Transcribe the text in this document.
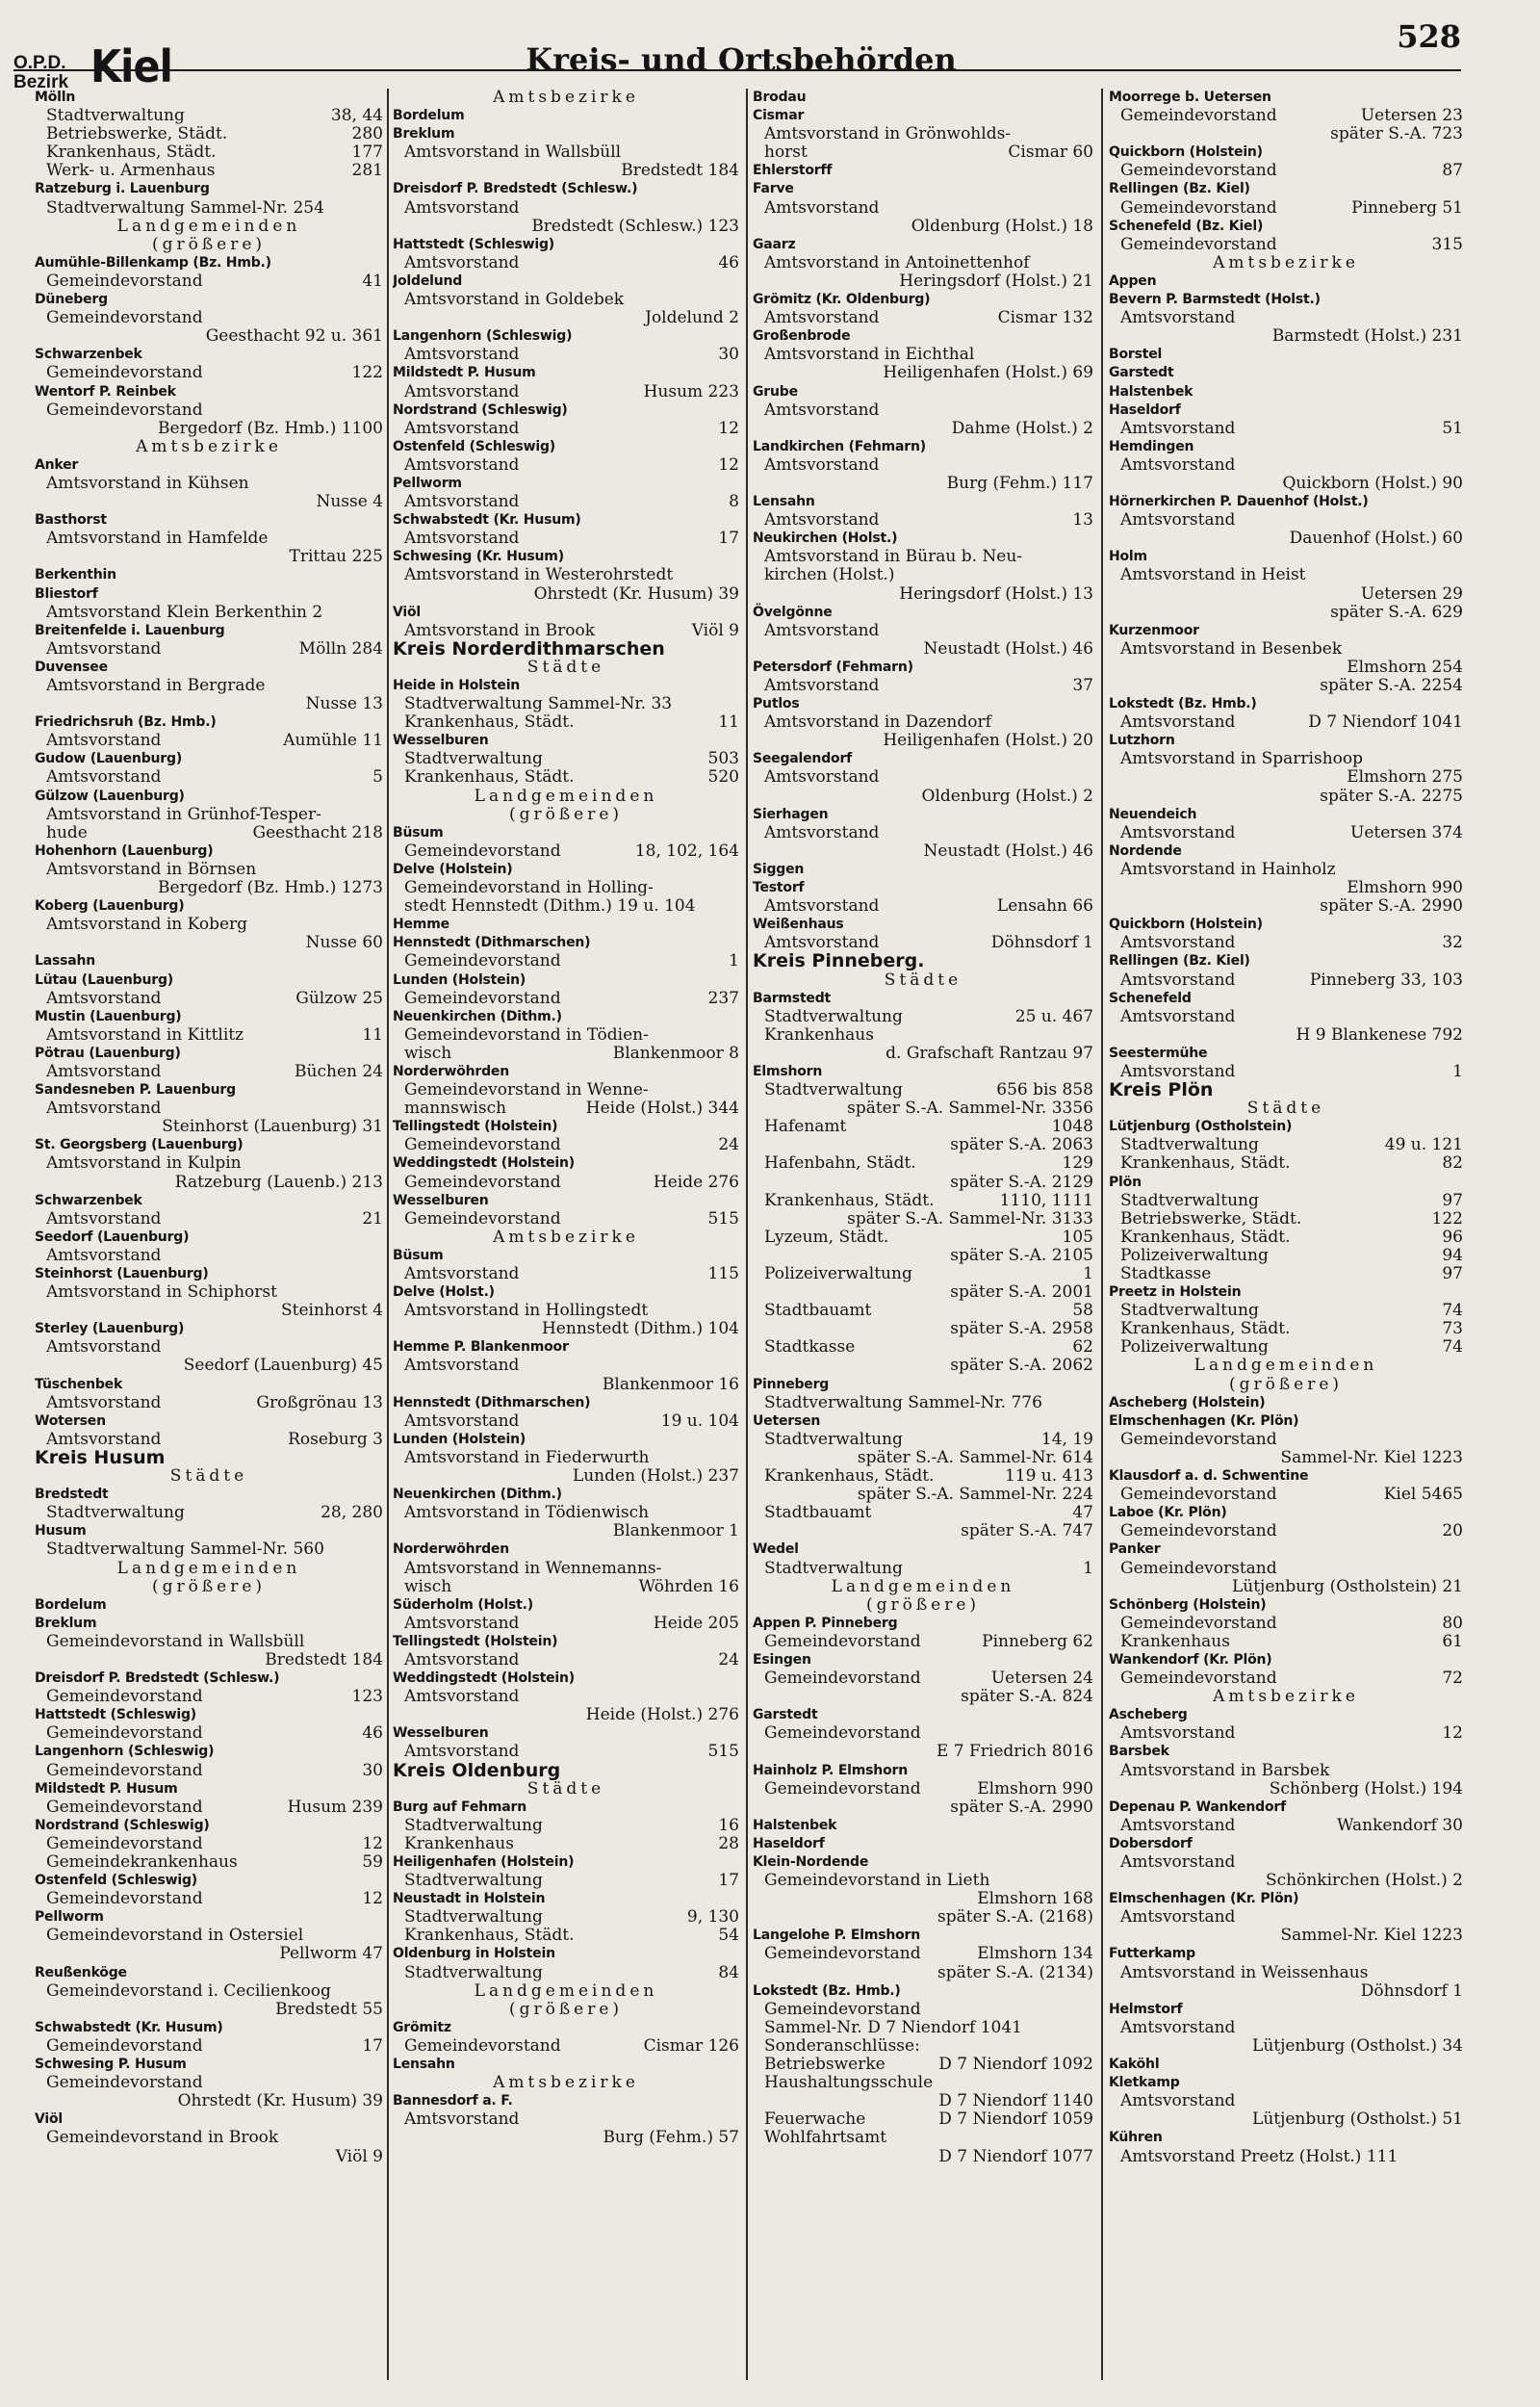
O.P.D.
Bezirk Kiel	Kreis- und Ortsbehörden
528
Mölln
Stadtverwaltung	38, 44
Betriebswerke, Städt.	280
Krankenhaus, Städt.	177
Werk- u. Armenhaus	281
Ratzeburg i. Lauenburg
Stadtverwaltung Sammel-Nr. 254
Landgemeinden
(größere)
Aumühle-Billenkamp (Bz. Hmb.)
Gemeindevorstand	41
Düneberg
Gemeindevorstand
Geesthacht 92 u. 361
Schwarzenbek
Gemeindevorstand	122
Wentorf P. Reinbek
Gemeindevorstand
Bergedorf (Bz. Hmb.) 1100
Amtsbezirke
Anker
Amtsvorstand in Kühsen
Nusse 4
Basthorst
Amtsvorstand in Hamfelde
Trittau 225
Berkenthin
Bliestorf
Amtsvorstand Klein Berkenthin 2
Breitenfelde i. Lauenburg
Amtsvorstand	Mölln 284
Duvensee
Amtsvorstand in Bergrade
Nusse 13
Friedrichsruh (Bz. Hmb.)
Amtsvorstand	Aumühle 11
Gudow (Lauenburg)
Amtsvorstand	5
Gülzow (Lauenburg)
Amtsvorstand in Grünhof-Tesper-
hude	Geesthacht 218
Hohenhorn (Lauenburg)
Amtsvorstand in Börnsen
Bergedorf (Bz. Hmb.) 1273
Koberg (Lauenburg)
Amtsvorstand in Koberg
Nusse 60
Lassahn
Lütau (Lauenburg)
Amtsvorstand	Gülzow 25
Mustin (Lauenburg)
Amtsvorstand in Kittlitz	11
Pötrau (Lauenburg)
Amtsvorstand	Büchen 24
Sandesneben P. Lauenburg
Amtsvorstand
Steinhorst (Lauenburg) 31
St. Georgsberg (Lauenburg)
Amtsvorstand in Kulpin
Ratzeburg (Lauenb.) 213
Schwarzenbek
Amtsvorstand	21
Seedorf (Lauenburg)
Amtsvorstand
Steinhorst (Lauenburg)
Amtsvorstand in Schiphorst
Steinhorst 4
Sterley (Lauenburg)
Amtsvorstand
Seedorf (Lauenburg) 45
Tüschenbek
Amtsvorstand	Großgrönau 13
Wotersen
Amtsvorstand	Roseburg 3
Kreis Husum
Städte
Bredstedt
Stadtverwaltung	28, 280
Husum
Stadtverwaltung Sammel-Nr. 560
Landgemeinden
(größere)
Bordelum
Breklum
Gemeindevorstand in Wallsbüll
Bredstedt 184
Dreisdorf P. Bredstedt (Schlesw.)
Gemeindevorstand	123
Hattstedt (Schleswig)
Gemeindevorstand	46
Langenhorn (Schleswig)
Gemeindevorstand	30
Mildstedt P. Husum
Gemeindevorstand	Husum 239
Nordstrand (Schleswig)
Gemeindevorstand	12
Gemeindekrankenhaus	59
Ostenfeld (Schleswig)
Gemeindevorstand	12
Pellworm
Gemeindevorstand in Ostersiel
Pellworm 47
Reußenköge
Gemeindevorstand i. Cecilienkoog
Bredstedt 55
Schwabstedt (Kr. Husum)
Gemeindevorstand	17
Schwesing P. Husum
Gemeindevorstand
Ohrstedt (Kr. Husum) 39
Viöl
Gemeindevorstand in Brook
Viöl 9
Amtsbezirke
Bordelum
Breklum
Amtsvorstand in Wallsbüll
Bredstedt 184
Dreisdorf P. Bredstedt (Schlesw.)
Amtsvorstand
Bredstedt (Schlesw.) 123
Hattstedt (Schleswig)
Amtsvorstand	46
Joldelund
Amtsvorstand in Goldebek
Joldelund 2
Langenhorn (Schleswig)
Amtsvorstand	30
Mildstedt P. Husum
Amtsvorstand	Husum 223
Nordstrand (Schleswig)
Amtsvorstand	12
Ostenfeld (Schleswig)
Amtsvorstand	12
Pellworm
Amtsvorstand	8
Schwabstedt (Kr. Husum)
Amtsvorstand	17
Schwesing (Kr. Husum)
Amtsvorstand in Westerohrstedt
Ohrstedt (Kr. Husum) 39
Viöl
Amtsvorstand in Brook	Viöl 9
Kreis Norderdithmarschen
Städte
Heide in Holstein
Stadtverwaltung Sammel-Nr. 33
Krankenhaus, Städt.	11
Wesselburen
Stadtverwaltung	503
Krankenhaus, Städt.	520
Landgemeinden
(größere)
Büsum
Gemeindevorstand	18, 102, 164
Delve (Holstein)
Gemeindevorstand in Holling-
stedt Hennstedt (Dithm.) 19 u. 104
Hemme
Hennstedt (Dithmarschen)
Gemeindevorstand	1
Lunden (Holstein)
Gemeindevorstand	237
Neuenkirchen (Dithm.)
Gemeindevorstand in Tödien-
wisch	Blankenmoor 8
Norderwöhrden
Gemeindevorstand in Wenne-
mannswisch	Heide (Holst.) 344
Tellingstedt (Holstein)
Gemeindevorstand	24
Weddingstedt (Holstein)
Gemeindevorstand	Heide 276
Wesselburen
Gemeindevorstand	515
Amtsbezirke
Büsum
Amtsvorstand	115
Delve (Holst.)
Amtsvorstand in Hollingstedt
Hennstedt (Dithm.) 104
Hemme P. Blankenmoor
Amtsvorstand
Blankenmoor 16
Hennstedt (Dithmarschen)
Amtsvorstand	19 u. 104
Lunden (Holstein)
Amtsvorstand in Fiederwurth
Lunden (Holst.) 237
Neuenkirchen (Dithm.)
Amtsvorstand in Tödienwisch
Blankenmoor 1
Norderwöhrden
Amtsvorstand in Wennemanns-
wisch	Wöhrden 16
Süderholm (Holst.)
Amtsvorstand	Heide 205
Tellingstedt (Holstein)
Amtsvorstand	24
Weddingstedt (Holstein)
Amtsvorstand
Heide (Holst.) 276
Wesselburen
Amtsvorstand	515
Kreis Oldenburg
Städte
Burg auf Fehmarn
Stadtverwaltung	16
Krankenhaus	28
Heiligenhafen (Holstein)
Stadtverwaltung	17
Neustadt in Holstein
Stadtverwaltung	9, 130
Krankenhaus, Städt.	54
Oldenburg in Holstein
Stadtverwaltung	84
Landgemeinden
(größere)
Grömitz
Gemeindevorstand	Cismar 126
Lensahn
Amtsbezirke
Bannesdorf a. F.
Amtsvorstand
Burg (Fehm.) 57
Brodau
Cismar
Amtsvorstand in Grönwohlds-
horst	Cismar 60
Ehlerstorff
Farve
Amtsvorstand
Oldenburg (Holst.) 18
Gaarz
Amtsvorstand in Antoinettenhof
Heringsdorf (Holst.) 21
Grömitz (Kr. Oldenburg)
Amtsvorstand	Cismar 132
Großenbrode
Amtsvorstand in Eichthal
Heiligenhafen (Holst.) 69
Grube
Amtsvorstand
Dahme (Holst.) 2
Landkirchen (Fehmarn)
Amtsvorstand
Burg (Fehm.) 117
Lensahn
Amtsvorstand	13
Neukirchen (Holst.)
Amtsvorstand in Bürau b. Neu-
kirchen (Holst.)
Heringsdorf (Holst.) 13
Övelgönne
Amtsvorstand
Neustadt (Holst.) 46
Petersdorf (Fehmarn)
Amtsvorstand	37
Putlos
Amtsvorstand in Dazendorf
Heiligenhafen (Holst.) 20
Seegalendorf
Amtsvorstand
Oldenburg (Holst.) 2
Sierhagen
Amtsvorstand
Neustadt (Holst.) 46
Siggen
Testorf
Amtsvorstand	Lensahn 66
Weißenhaus
Amtsvorstand	Döhnsdorf 1
Kreis Pinneberg.
Städte
Barmstedt
Stadtverwaltung	25 u. 467
Krankenhaus
d. Grafschaft Rantzau 97
Elmshorn
Stadtverwaltung	656 bis 858
später S.-A. Sammel-Nr. 3356
Hafenamt	1048
später S.-A. 2063
Hafenbahn, Städt.	129
später S.-A. 2129
Krankenhaus, Städt.	1110, 1111
später S.-A. Sammel-Nr. 3133
Lyzeum, Städt.	105
später S.-A. 2105
Polizeiverwaltung	1
später S.-A. 2001
Stadtbauamt	58
später S.-A. 2958
Stadtkasse	62
später S.-A. 2062
Pinneberg
Stadtverwaltung Sammel-Nr. 776
Uetersen
Stadtverwaltung	14, 19
später S.-A. Sammel-Nr. 614
Krankenhaus, Städt.	119 u. 413
später S.-A. Sammel-Nr. 224
Stadtbauamt	47
später S.-A. 747
Wedel
Stadtverwaltung	1
Landgemeinden
(größere)
Appen P. Pinneberg
Gemeindevorstand	Pinneberg 62
Esingen
Gemeindevorstand	Uetersen 24
später S.-A. 824
Garstedt
Gemeindevorstand
E 7 Friedrich 8016
Hainholz P. Elmshorn
Gemeindevorstand	Elmshorn 990
später S.-A. 2990
Halstenbek
Haseldorf
Klein-Nordende
Gemeindevorstand in Lieth
Elmshorn 168
später S.-A. (2168)
Langelohe P. Elmshorn
Gemeindevorstand	Elmshorn 134
später S.-A. (2134)
Lokstedt (Bz. Hmb.)
Gemeindevorstand
Sammel-Nr. D 7 Niendorf 1041
Sonderanschlüsse:
Betriebswerke	D 7 Niendorf 1092
Haushaltungsschule
D 7 Niendorf 1140
Feuerwache	D 7 Niendorf 1059
Wohlfahrtsamt
D 7 Niendorf 1077
Moorrege b. Uetersen
Gemeindevorstand	Uetersen 23
später S.-A. 723
Quickborn (Holstein)
Gemeindevorstand	87
Rellingen (Bz. Kiel)
Gemeindevorstand	Pinneberg 51
Schenefeld (Bz. Kiel)
Gemeindevorstand	315
Amtsbezirke
Appen
Bevern P. Barmstedt (Holst.)
Amtsvorstand
Barmstedt (Holst.) 231
Borstel
Garstedt
Halstenbek
Haseldorf
Amtsvorstand	51
Hemdingen
Amtsvorstand
Quickborn (Holst.) 90
Hörnerkirchen P. Dauenhof (Holst.)
Amtsvorstand
Dauenhof (Holst.) 60
Holm
Amtsvorstand in Heist
Uetersen 29
später S.-A. 629
Kurzenmoor
Amtsvorstand in Besenbek
Elmshorn 254
später S.-A. 2254
Lokstedt (Bz. Hmb.)
Amtsvorstand	D 7 Niendorf 1041
Lutzhorn
Amtsvorstand in Sparrishoop
Elmshorn 275
später S.-A. 2275
Neuendeich
Amtsvorstand	Uetersen 374
Nordende
Amtsvorstand in Hainholz
Elmshorn 990
später S.-A. 2990
Quickborn (Holstein)
Amtsvorstand	32
Rellingen (Bz. Kiel)
Amtsvorstand	Pinneberg 33, 103
Schenefeld
Amtsvorstand
H 9 Blankenese 792
Seestermühe
Amtsvorstand	1
Kreis Plön
Städte
Lütjenburg (Ostholstein)
Stadtverwaltung	49 u. 121
Krankenhaus, Städt.	82
Plön
Stadtverwaltung	97
Betriebswerke, Städt.	122
Krankenhaus, Städt.	96
Polizeiverwaltung	94
Stadtkasse	97
Preetz in Holstein
Stadtverwaltung	74
Krankenhaus, Städt.	73
Polizeiverwaltung	74
Landgemeinden
(größere)
Ascheberg (Holstein)
Elmschenhagen (Kr. Plön)
Gemeindevorstand
Sammel-Nr. Kiel 1223
Klausdorf a. d. Schwentine
Gemeindevorstand	Kiel 5465
Laboe (Kr. Plön)
Gemeindevorstand	20
Panker
Gemeindevorstand
Lütjenburg (Ostholstein) 21
Schönberg (Holstein)
Gemeindevorstand	80
Krankenhaus	61
Wankendorf (Kr. Plön)
Gemeindevorstand	72
Amtsbezirke
Ascheberg
Amtsvorstand	12
Barsbek
Amtsvorstand in Barsbek
Schönberg (Holst.) 194
Depenau P. Wankendorf
Amtsvorstand	Wankendorf 30
Dobersdorf
Amtsvorstand
Schönkirchen (Holst.) 2
Elmschenhagen (Kr. Plön)
Amtsvorstand
Sammel-Nr. Kiel 1223
Futterkamp
Amtsvorstand in Weissenhaus
Döhnsdorf 1
Helmstorf
Amtsvorstand
Lütjenburg (Ostholst.) 34
Kaköhl
Kletkamp
Amtsvorstand
Lütjenburg (Ostholst.) 51
Kühren
Amtsvorstand Preetz (Holst.) 111
